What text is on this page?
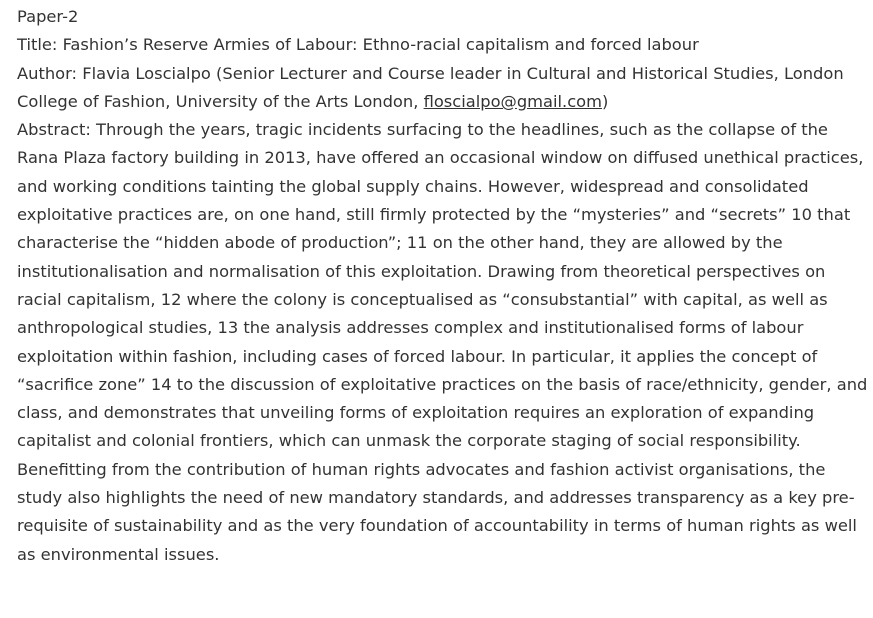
Paper-2

Title: Fashion’s Reserve Armies of Labour: Ethno-racial capitalism and forced labour

Author: Flavia Loscialpo (Senior Lecturer and Course leader in Cultural and Historical Studies, London College of Fashion, University of the Arts London, floscialpo@gmail.com)

Abstract: Through the years, tragic incidents surfacing to the headlines, such as the collapse of the Rana Plaza factory building in 2013, have offered an occasional window on diffused unethical practices, and working conditions tainting the global supply chains. However, widespread and consolidated exploitative practices are, on one hand, still firmly protected by the “mysteries” and “secrets” 10 that characterise the “hidden abode of production”; 11 on the other hand, they are allowed by the institutionalisation and normalisation of this exploitation. Drawing from theoretical perspectives on racial capitalism, 12 where the colony is conceptualised as “consubstantial” with capital, as well as anthropological studies, 13 the analysis addresses complex and institutionalised forms of labour exploitation within fashion, including cases of forced labour. In particular, it applies the concept of “sacrifice zone” 14 to the discussion of exploitative practices on the basis of race/ethnicity, gender, and class, and demonstrates that unveiling forms of exploitation requires an exploration of expanding capitalist and colonial frontiers, which can unmask the corporate staging of social responsibility. Benefitting from the contribution of human rights advocates and fashion activist organisations, the study also highlights the need of new mandatory standards, and addresses transparency as a key pre-requisite of sustainability and as the very foundation of accountability in terms of human rights as well as environmental issues.
